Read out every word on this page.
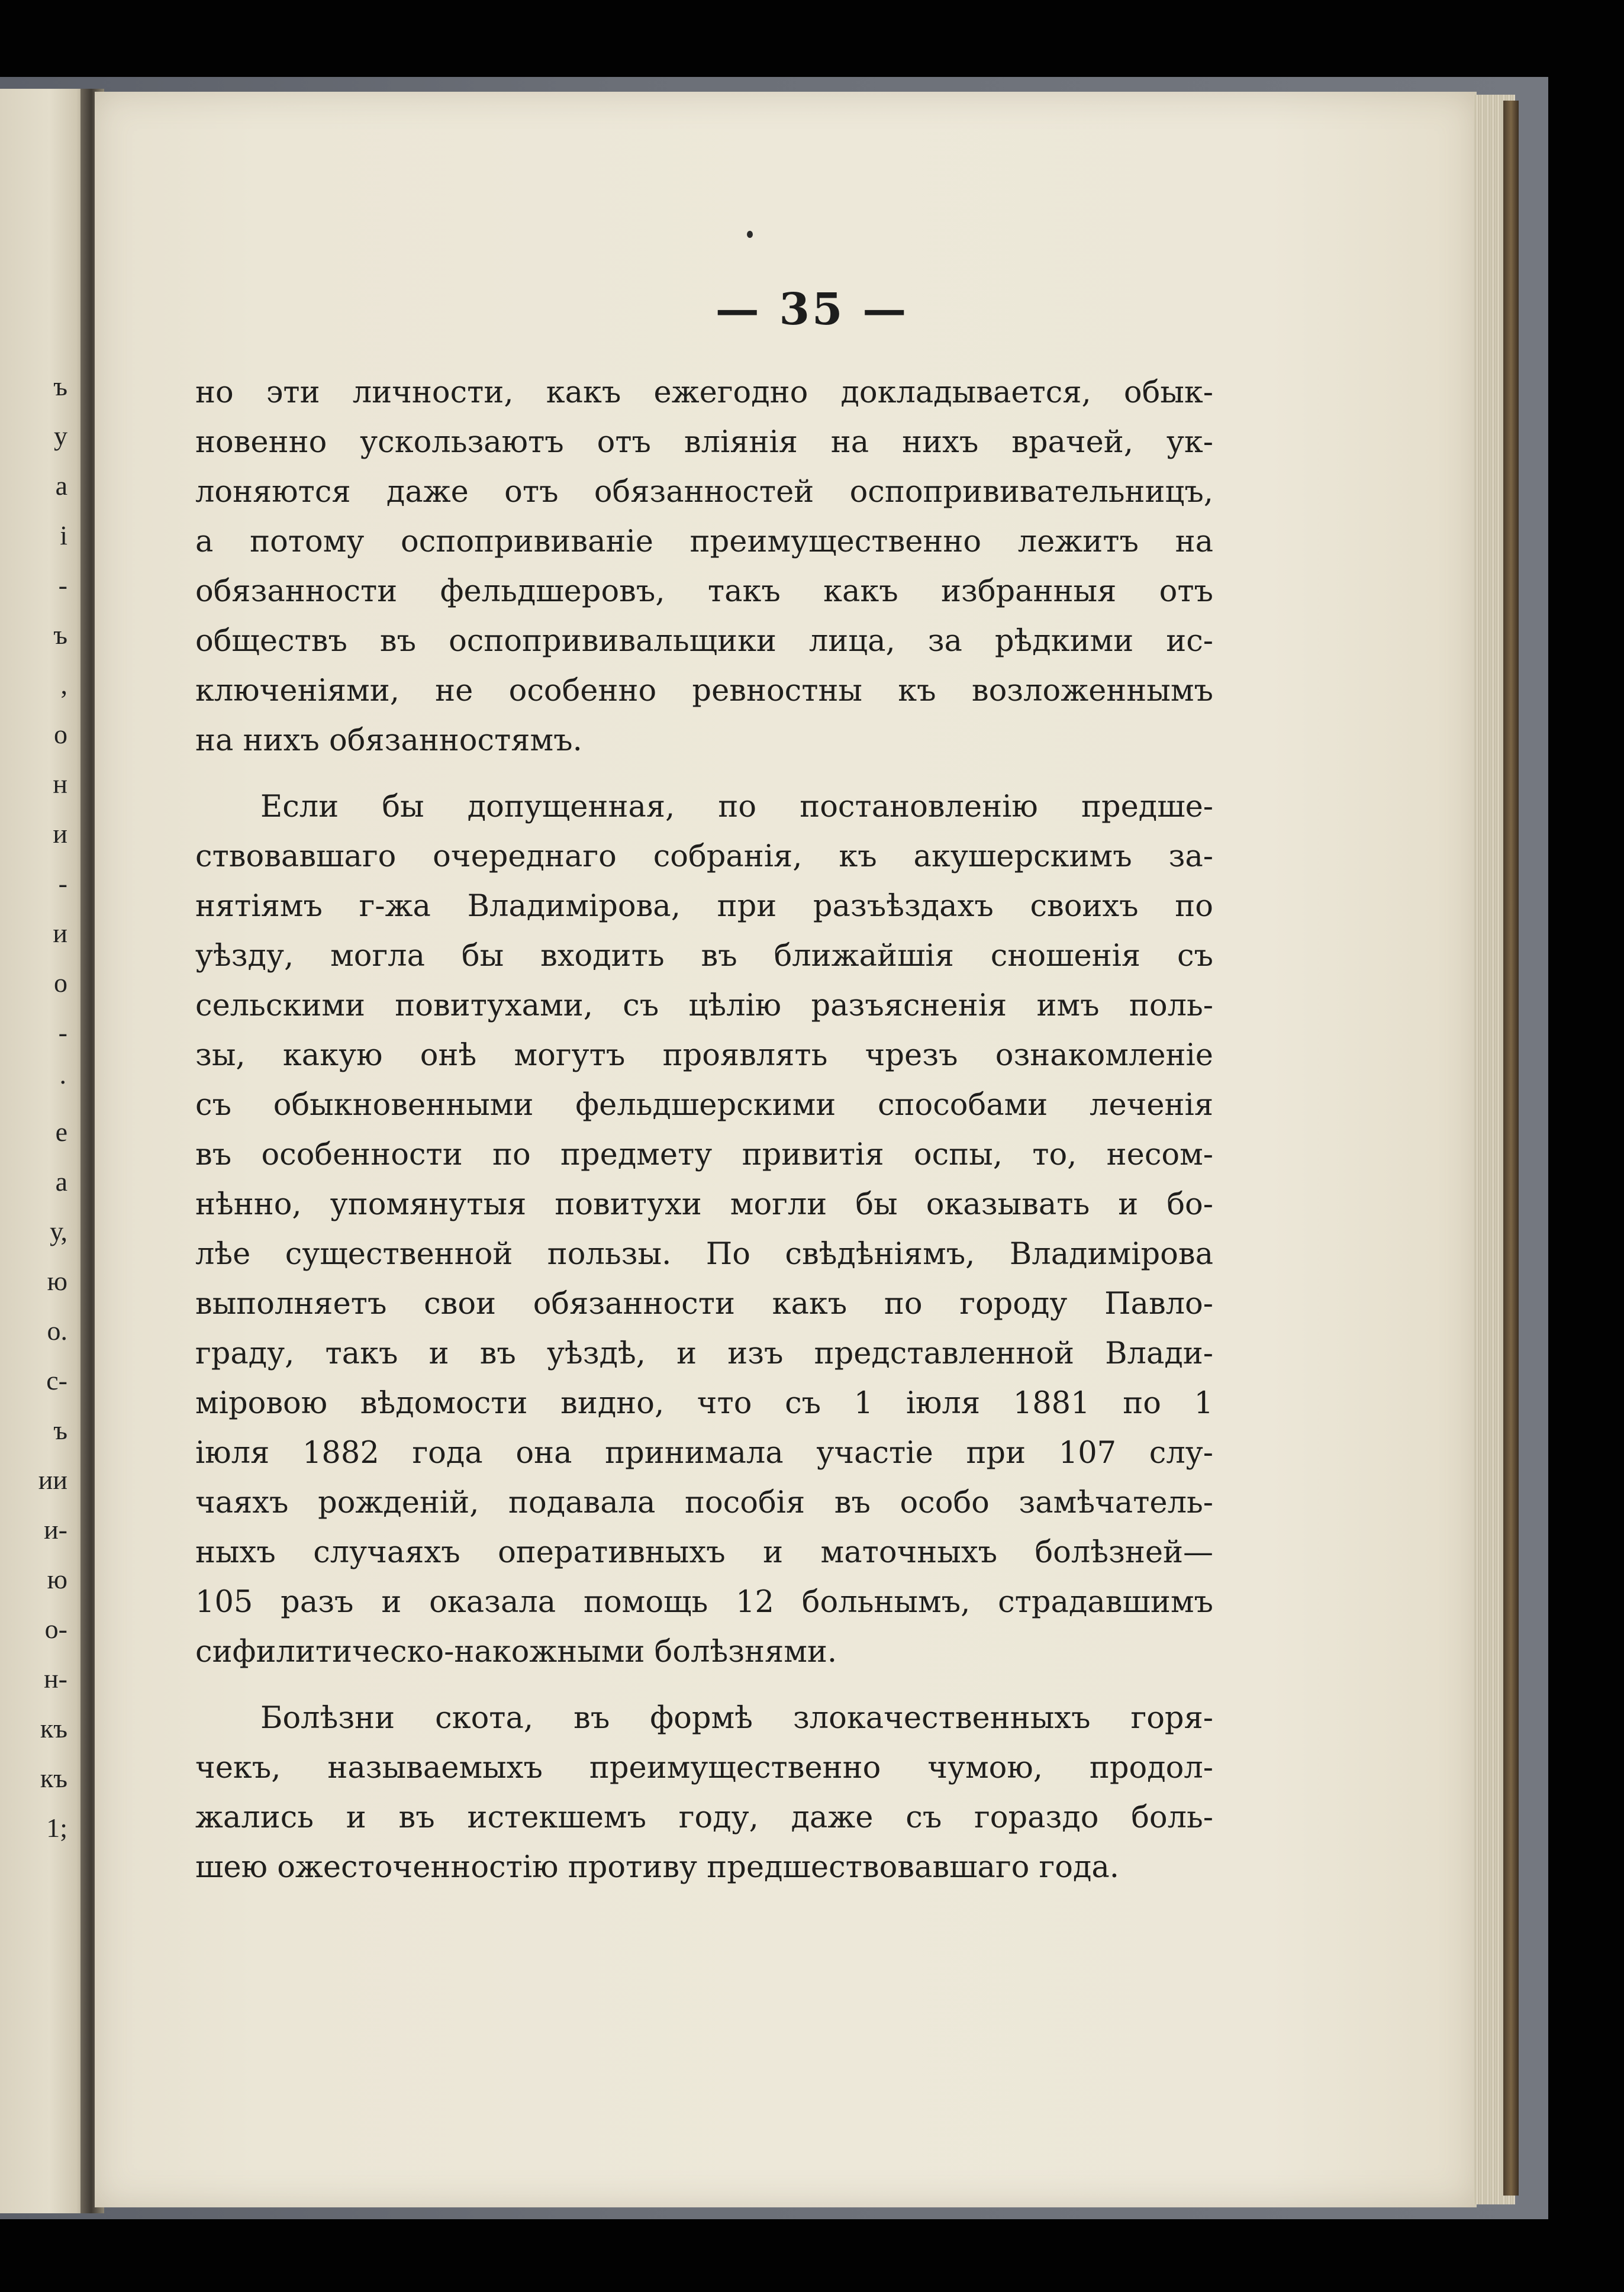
ъ
у
а
і
-
ъ
,
о
н
и
-
и
о
-
·
е
а
у,
ю
о.
с-
ъ
ии
и-
ю
о-
н-
къ
къ
1;
— 35 —
но эти личности, какъ ежегодно докладывается, обык-
новенно ускользаютъ отъ вліянія на нихъ врачей, ук-
лоняются даже отъ обязанностей оспопрививательницъ,
а потому оспопрививаніе преимущественно лежитъ на
обязанности фельдшеровъ, такъ какъ избранныя отъ
обществъ въ оспопрививальщики лица, за рѣдкими ис-
ключеніями, не особенно ревностны къ возложеннымъ
на нихъ обязанностямъ.
Если бы допущенная, по постановленію предше-
ствовавшаго очереднаго собранія, къ акушерскимъ за-
нятіямъ г-жа Владимірова, при разъѣздахъ своихъ по
уѣзду, могла бы входить въ ближайшія сношенія съ
сельскими повитухами, съ цѣлію разъясненія имъ поль-
зы, какую онѣ могутъ проявлять чрезъ ознакомленіе
съ обыкновенными фельдшерскими способами леченія
въ особенности по предмету привитія оспы, то, несом-
нѣнно, упомянутыя повитухи могли бы оказывать и бо-
лѣе существенной пользы. По свѣдѣніямъ, Владимірова
выполняетъ свои обязанности какъ по городу Павло-
граду, такъ и въ уѣздѣ, и изъ представленной Влади-
міровою вѣдомости видно, что съ 1 іюля 1881 по 1
іюля 1882 года она принимала участіе при 107 слу-
чаяхъ рожденій, подавала пособія въ особо замѣчатель-
ныхъ случаяхъ оперативныхъ и маточныхъ болѣзней—
105 разъ и оказала помощь 12 больнымъ, страдавшимъ
сифилитическо-накожными болѣзнями.
Болѣзни скота, въ формѣ злокачественныхъ горя-
чекъ, называемыхъ преимущественно чумою, продол-
жались и въ истекшемъ году, даже съ гораздо боль-
шею ожесточенностію противу предшествовавшаго года.
